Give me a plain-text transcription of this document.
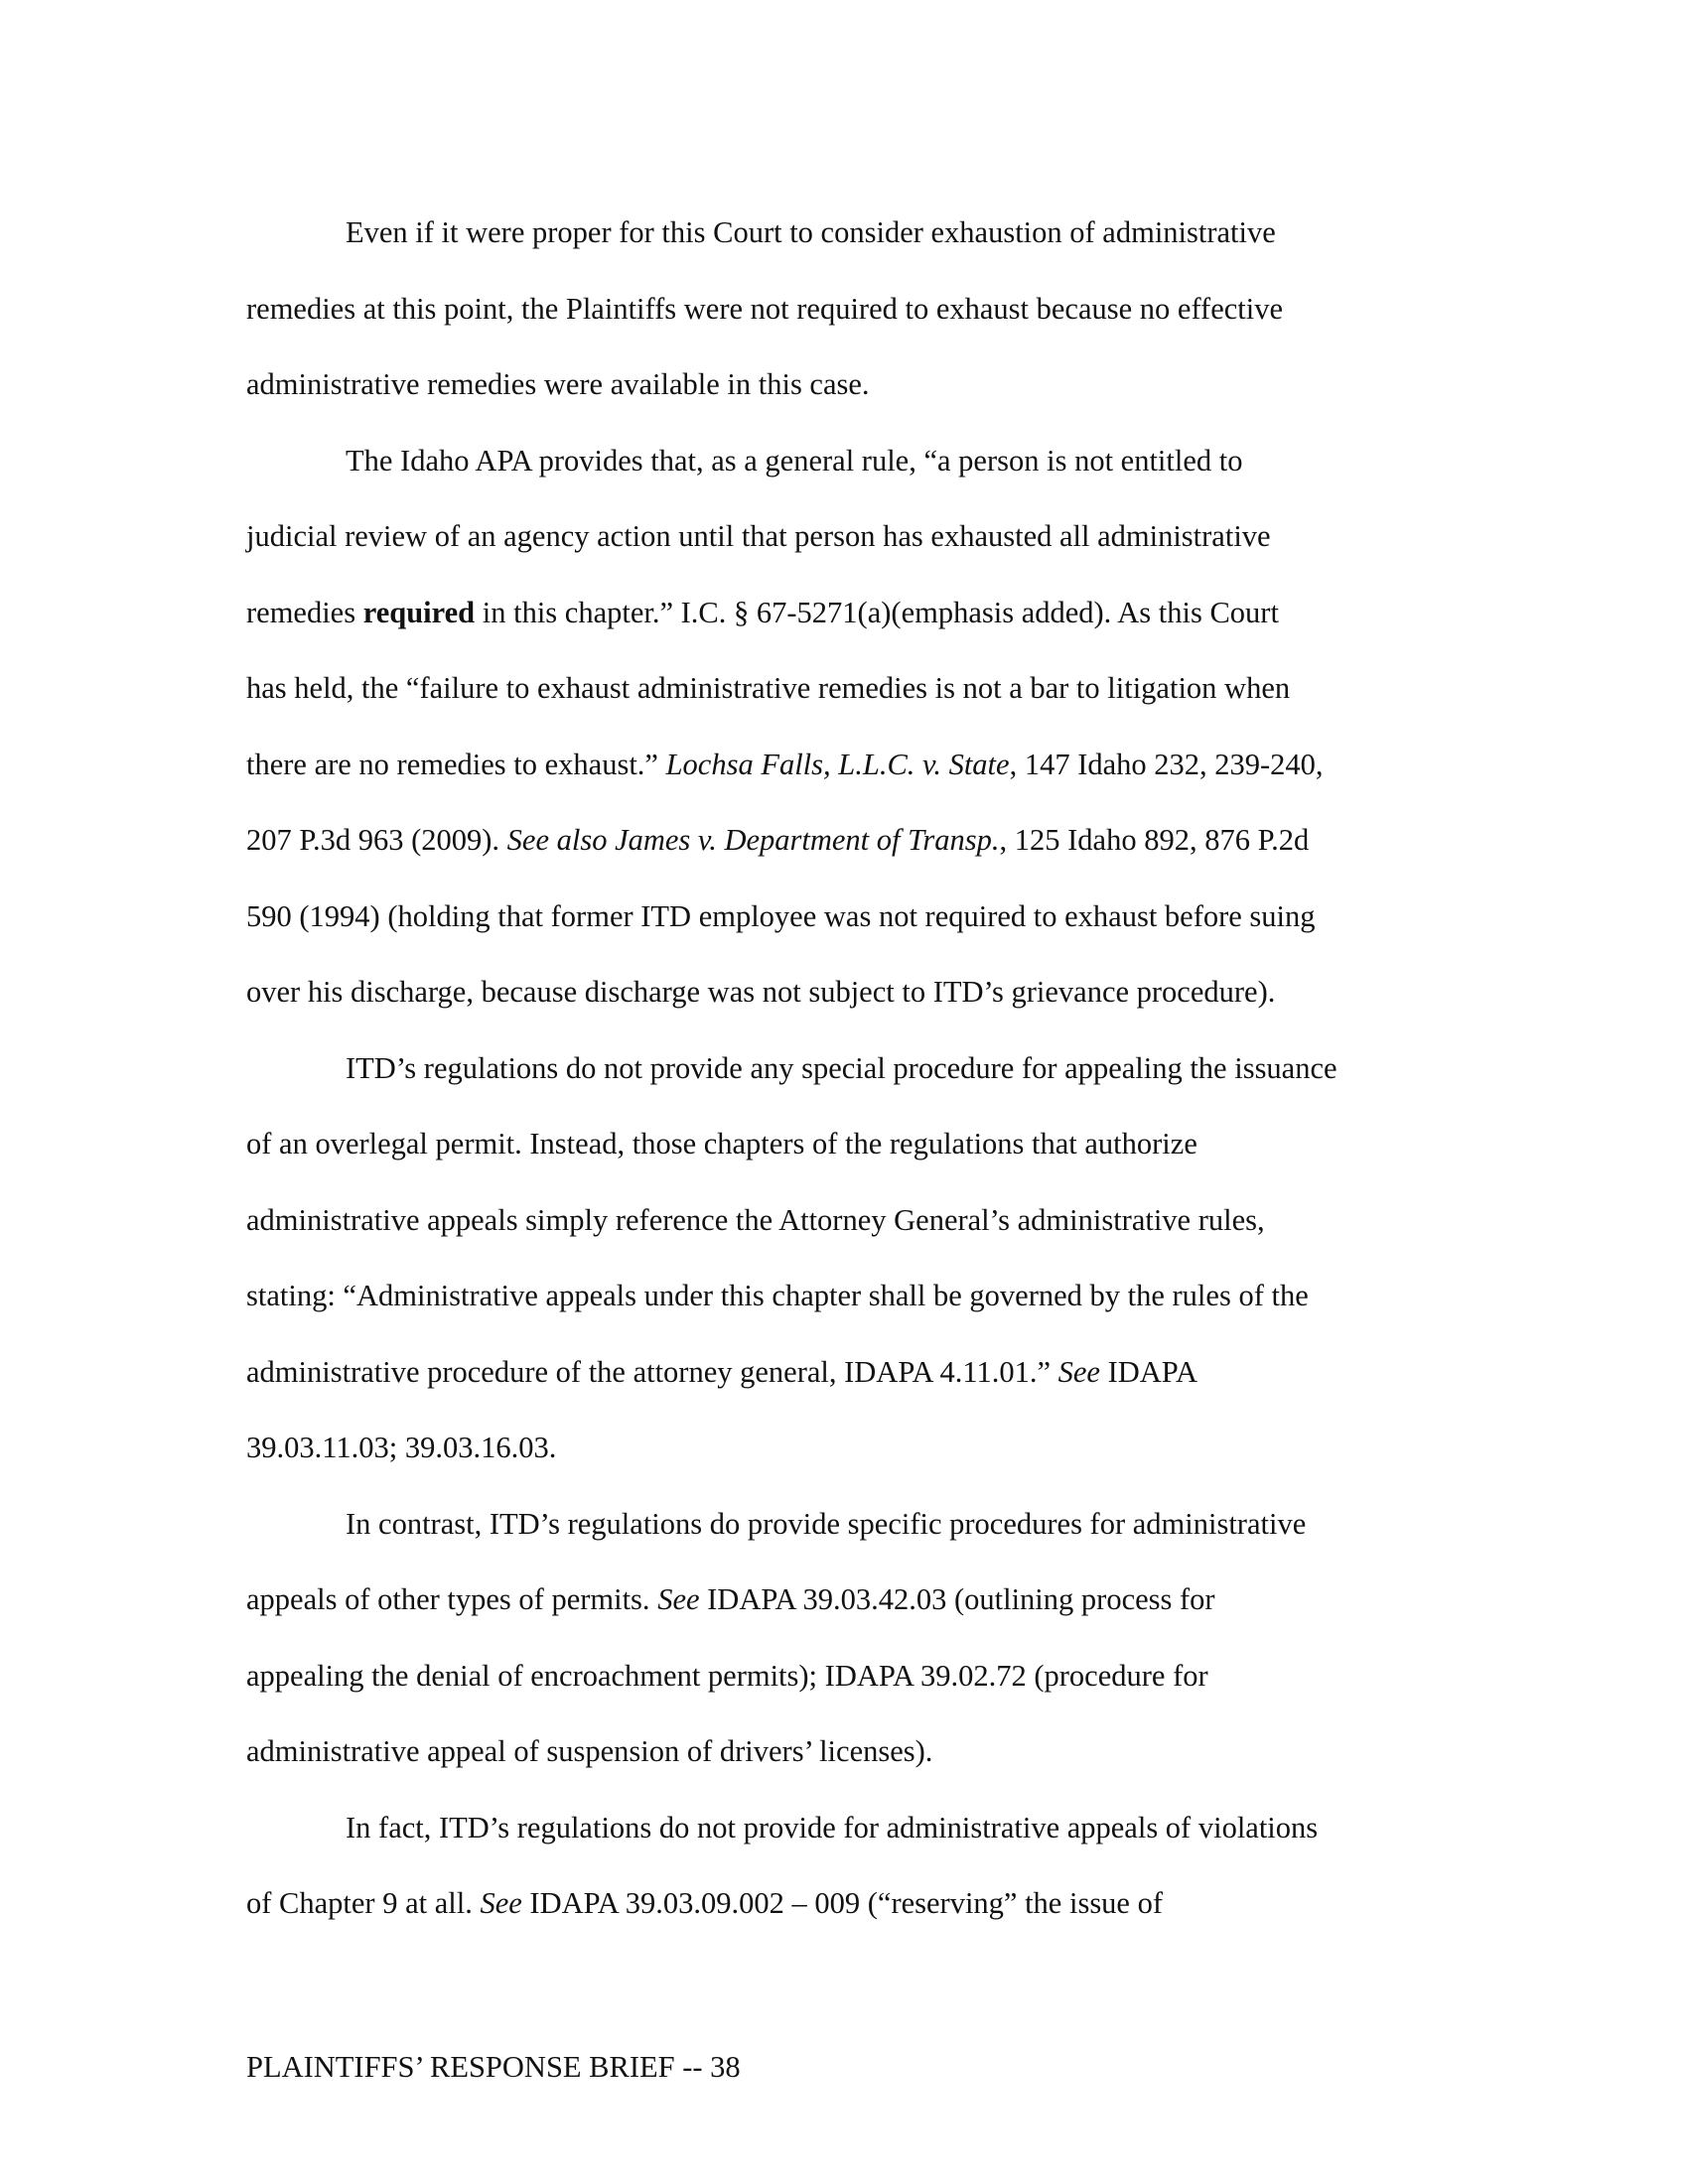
Even if it were proper for this Court to consider exhaustion of administrative
remedies at this point, the Plaintiffs were not required to exhaust because no effective
administrative remedies were available in this case.
The Idaho APA provides that, as a general rule, “a person is not entitled to
judicial review of an agency action until that person has exhausted all administrative
remedies required in this chapter.” I.C. § 67-5271(a)(emphasis added). As this Court
has held, the “failure to exhaust administrative remedies is not a bar to litigation when
there are no remedies to exhaust.” Lochsa Falls, L.L.C. v. State, 147 Idaho 232, 239-240,
207 P.3d 963 (2009). See also James v. Department of Transp., 125 Idaho 892, 876 P.2d
590 (1994) (holding that former ITD employee was not required to exhaust before suing
over his discharge, because discharge was not subject to ITD’s grievance procedure).
ITD’s regulations do not provide any special procedure for appealing the issuance
of an overlegal permit. Instead, those chapters of the regulations that authorize
administrative appeals simply reference the Attorney General’s administrative rules,
stating: “Administrative appeals under this chapter shall be governed by the rules of the
administrative procedure of the attorney general, IDAPA 4.11.01.” See IDAPA
39.03.11.03; 39.03.16.03.
In contrast, ITD’s regulations do provide specific procedures for administrative
appeals of other types of permits. See IDAPA 39.03.42.03 (outlining process for
appealing the denial of encroachment permits); IDAPA 39.02.72 (procedure for
administrative appeal of suspension of drivers’ licenses).
In fact, ITD’s regulations do not provide for administrative appeals of violations
of Chapter 9 at all. See IDAPA 39.03.09.002 – 009 (“reserving” the issue of
PLAINTIFFS’ RESPONSE BRIEF -- 38
